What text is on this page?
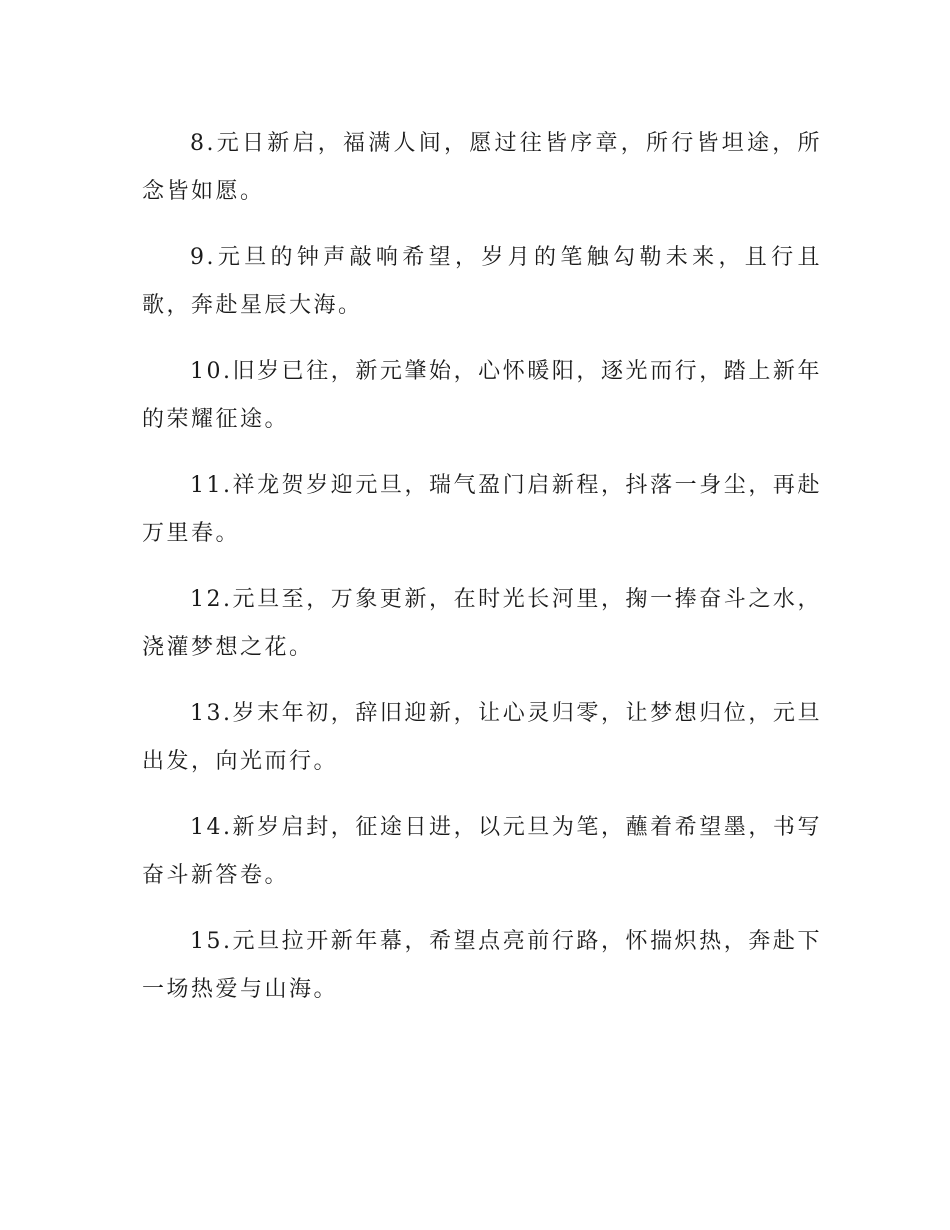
8.元日新启，福满人间，愿过往皆序章，所行皆坦途，所念皆如愿。

9.元旦的钟声敲响希望，岁月的笔触勾勒未来，且行且歌，奔赴星辰大海。

10.旧岁已往，新元肇始，心怀暖阳，逐光而行，踏上新年的荣耀征途。

11.祥龙贺岁迎元旦，瑞气盈门启新程，抖落一身尘，再赴万里春。

12.元旦至，万象更新，在时光长河里，掬一捧奋斗之水，浇灌梦想之花。

13.岁末年初，辞旧迎新，让心灵归零，让梦想归位，元旦出发，向光而行。

14.新岁启封，征途日进，以元旦为笔，蘸着希望墨，书写奋斗新答卷。

15.元旦拉开新年幕，希望点亮前行路，怀揣炽热，奔赴下一场热爱与山海。
